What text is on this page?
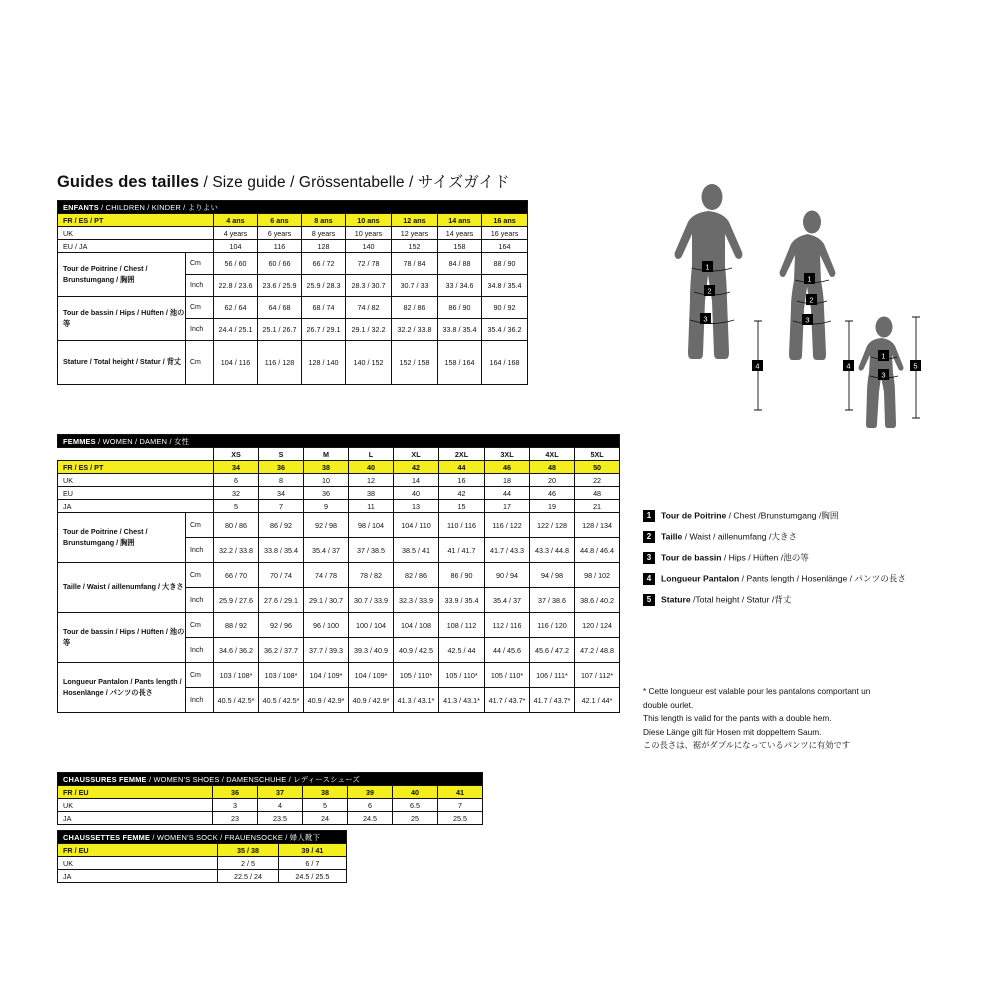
Guides des tailles / Size guide / Grössentabelle / サイズガイド
ENFANTS / CHILDREN / KINDER / よりよい								
FR / ES / PT		4 ans	6 ans	8 ans	10 ans	12 ans	14 ans	16 ans
UK		4 years	6 years	8 years	10 years	12 years	14 years	16 years
EU / JA		104	116	128	140	152	158	164
Tour de Poitrine / Chest / Brunstumgang / 胸囲	Cm	56 / 60	60 / 66	66 / 72	72 / 78	78 / 84	84 / 88	88 / 90
	Inch	22.8 / 23.6	23.6 / 25.9	25.9 / 28.3	28.3 / 30.7	30.7 / 33	33 / 34.6	34.8 / 35.4
Tour de bassin / Hips / Hüften / 池の等	Cm	62 / 64	64 / 68	68 / 74	74 / 82	82 / 86	86 / 90	90 / 92
	Inch	24.4 / 25.1	25.1 / 26.7	26.7 / 29.1	29.1 / 32.2	32.2 / 33.8	33.8 / 35.4	35.4 / 36.2
Stature / Total height / Statur / 背丈	Cm	104 / 116	116 / 128	128 / 140	140 / 152	152 / 158	158 / 164	164 / 168
FEMMES / WOMEN / DAMEN / 女性										
		XS	S	M	L	XL	2XL	3XL	4XL	5XL
FR / ES / PT		34	36	38	40	42	44	46	48	50
UK		6	8	10	12	14	16	18	20	22
EU		32	34	36	38	40	42	44	46	48
JA		5	7	9	11	13	15	17	19	21
Tour de Poitrine / Chest / Brunstumgang / 胸囲	Cm	80 / 86	86 / 92	92 / 98	98 / 104	104 / 110	110 / 116	116 / 122	122 / 128	128 / 134
	Inch	32.2 / 33.8	33.8 / 35.4	35.4 / 37	37 / 38.5	38.5 / 41	41 / 41.7	41.7 / 43.3	43.3 / 44.8	44.8 / 46.4
Taille / Waist / aillenumfang / 大きさ	Cm	66 / 70	70 / 74	74 / 78	78 / 82	82 / 86	86 / 90	90 / 94	94 / 98	98 / 102
	Inch	25.9 / 27.6	27.6 / 29.1	29.1 / 30.7	30.7 / 33.9	32.3 / 33.9	33.9 / 35.4	35.4 / 37	37 / 38.6	38.6 / 40.2
Tour de bassin / Hips / Hüften / 池の等	Cm	88 / 92	92 / 96	96 / 100	100 / 104	104 / 108	108 / 112	112 / 116	116 / 120	120 / 124
	Inch	34.6 / 36.2	36.2 / 37.7	37.7 / 39.3	39.3 / 40.9	40.9 / 42.5	42.5 / 44	44 / 45.6	45.6 / 47.2	47.2 / 48.8
Longueur Pantalon / Pants length / Hosenlänge / パンツの長さ	Cm	103 / 108*	103 / 108*	104 / 109*	104 / 109*	105 / 110*	105 / 110*	105 / 110*	106 / 111*	107 / 112*
	Inch	40.5 / 42.5*	40.5 / 42.5*	40.9 / 42.9*	40.9 / 42.9*	41.3 / 43.1*	41.3 / 43.1*	41.7 / 43.7*	41.7 / 43.7*	42.1 / 44*
CHAUSSURES FEMME / WOMEN'S SHOES / DAMENSCHUHE / レディースシューズ						
FR / EU	36	37	38	39	40	41
UK	3	4	5	6	6.5	7
JA	23	23.5	24	24.5	25	25.5
CHAUSSETTES FEMME / WOMEN'S SOCK / FRAUENSOCKE / 婦人靴下		
FR / EU	35 / 38	39 / 41
UK	2 / 5	6 / 7
JA	22.5 / 24	24.5 / 25.5
1
2
3
4
1
2
3
4
1
3
5
1 Tour de Poitrine / Chest /Brunstumgang /胸囲
2 Taille / Waist / aillenumfang /大きさ
3 Tour de bassin / Hips / Hüften /池の等
4 Longueur Pantalon / Pants length / Hosenlänge / パンツの長さ
5 Stature /Total height / Statur /背丈
* Cette longueur est valable pour les pantalons comportant un
double ourlet.
This length is valid for the pants with a double hem.
Diese Länge gilt für Hosen mit doppeltem Saum.
この長さは、裾がダブルになっているパンツに有効です
